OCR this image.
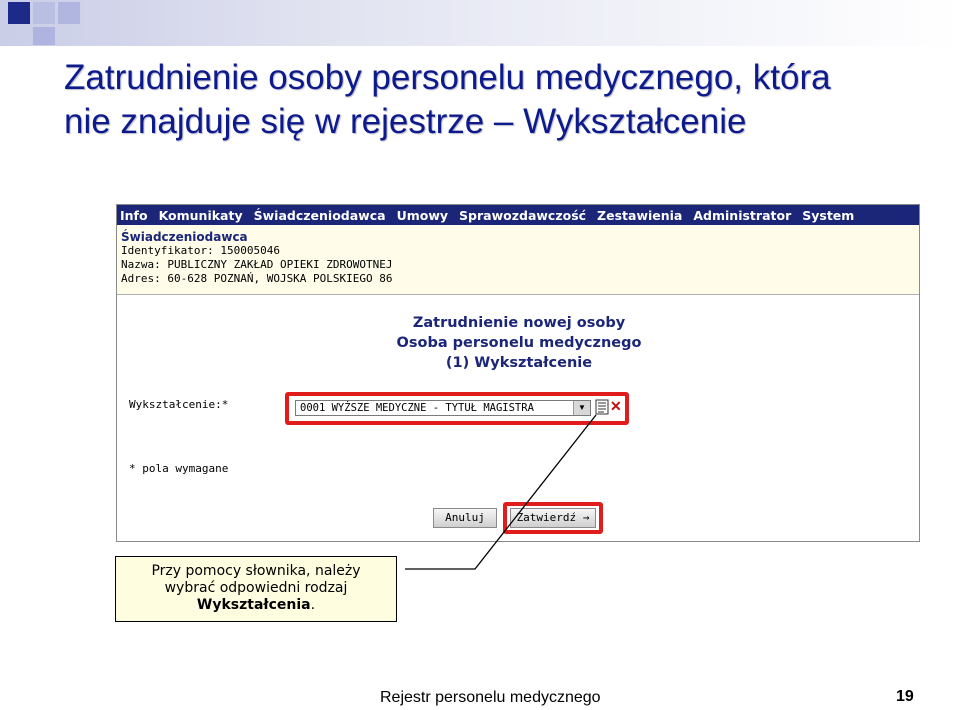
Zatrudnienie osoby personelu medycznego, która
nie znajduje się w rejestrze – Wykształcenie
Info Komunikaty Świadczeniodawca Umowy Sprawozdawczość Zestawienia Administrator System
Świadczeniodawca
Identyfikator: 150005046
Nazwa: PUBLICZNY ZAKŁAD OPIEKI ZDROWOTNEJ
Adres: 60-628 POZNAŃ, WOJSKA POLSKIEGO 86
Zatrudnienie nowej osoby
Osoba personelu medycznego
(1) Wykształcenie
Wykształcenie:*	0001 WYŻSZE MEDYCZNE - TYTUŁ MAGISTRA	▼ ✕
* pola wymagane
Anuluj	Zatwierdź →
Przy pomocy słownika, należy
wybrać odpowiedni rodzaj
Wykształcenia.
Rejestr personelu medycznego	19
